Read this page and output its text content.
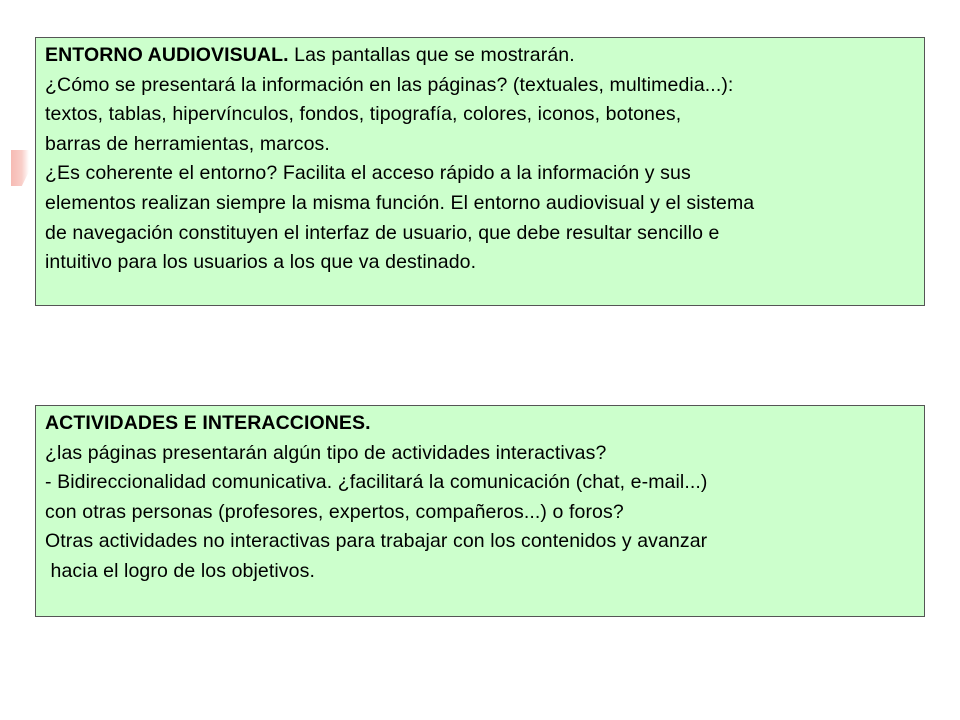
ENTORNO AUDIOVISUAL. Las pantallas que se mostrarán.
¿Cómo se presentará la información en las páginas? (textuales, multimedia...):
textos, tablas, hipervínculos, fondos, tipografía, colores, iconos, botones,
barras de herramientas, marcos.
¿Es coherente el entorno? Facilita el acceso rápido a la información y sus
elementos realizan siempre la misma función. El entorno audiovisual y el sistema
de navegación constituyen el interfaz de usuario, que debe resultar sencillo e
intuitivo para los usuarios a los que va destinado.
ACTIVIDADES E INTERACCIONES.
¿las páginas presentarán algún tipo de actividades interactivas?
- Bidireccionalidad comunicativa. ¿facilitará la comunicación (chat, e-mail...)
con otras personas (profesores, expertos, compañeros...) o foros?
Otras actividades no interactivas para trabajar con los contenidos y avanzar
hacia el logro de los objetivos.
